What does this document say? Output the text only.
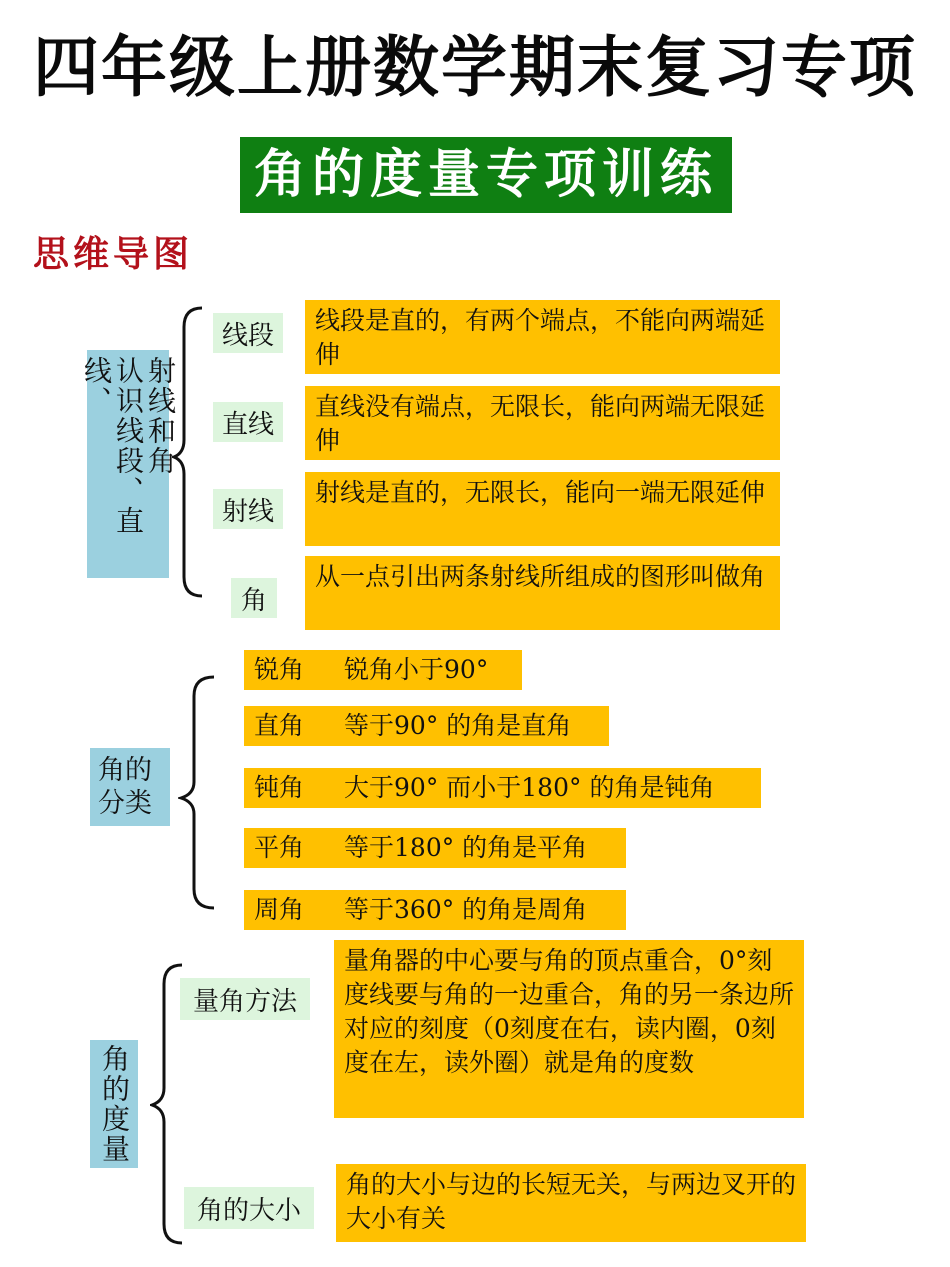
四年级上册数学期末复习专项
角的度量专项训练
思维导图
认识线段、直线、	射线和角
线段	线段是直的，有两个端点，不能向两端延伸
直线
直线没有端点，无限长，能向两端无限延伸
射线
射线是直的，无限长，能向一端无限延伸
角
从一点引出两条射线所组成的图形叫做角
角的分类
锐角 锐角小于90°
直角 等于90° 的角是直角
钝角 大于90° 而小于180° 的角是钝角
平角 等于180° 的角是平角
周角 等于360° 的角是周角
角的度量
量角方法
量角器的中心要与角的顶点重合，0°刻度线要与角的一边重合，角的另一条边所对应的刻度（0刻度在右，读内圈，0刻度在左，读外圈）就是角的度数
角的大小
角的大小与边的长短无关，与两边叉开的大小有关
